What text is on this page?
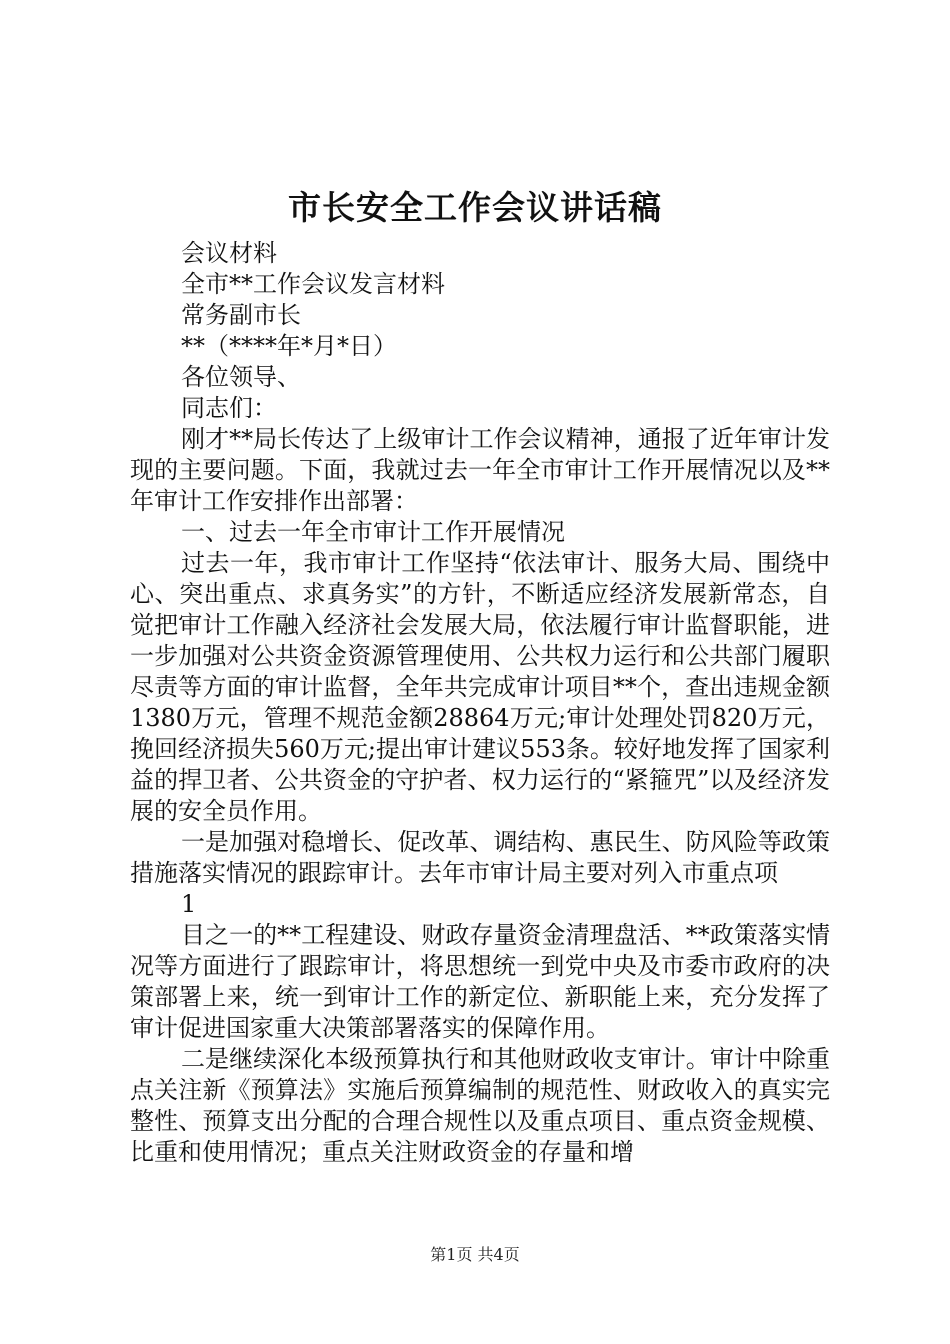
市长安全工作会议讲话稿

会议材料

全市**工作会议发言材料

常务副市长

**（****年*月*日）

各位领导、

同志们：

刚才**局长传达了上级审计工作会议精神，通报了近年审计发现的主要问题。下面，我就过去一年全市审计工作开展情况以及**年审计工作安排作出部署：

一、过去一年全市审计工作开展情况

过去一年，我市审计工作坚持“依法审计、服务大局、围绕中心、突出重点、求真务实”的方针，不断适应经济发展新常态，自觉把审计工作融入经济社会发展大局，依法履行审计监督职能，进一步加强对公共资金资源管理使用、公共权力运行和公共部门履职尽责等方面的审计监督，全年共完成审计项目**个，查出违规金额1380万元，管理不规范金额28864万元;审计处理处罚820万元，挽回经济损失560万元;提出审计建议553条。较好地发挥了国家利益的捍卫者、公共资金的守护者、权力运行的“紧箍咒”以及经济发展的安全员作用。

一是加强对稳增长、促改革、调结构、惠民生、防风险等政策措施落实情况的跟踪审计。去年市审计局主要对列入市重点项

1

目之一的**工程建设、财政存量资金清理盘活、**政策落实情况等方面进行了跟踪审计，将思想统一到党中央及市委市政府的决策部署上来，统一到审计工作的新定位、新职能上来，充分发挥了审计促进国家重大决策部署落实的保障作用。

二是继续深化本级预算执行和其他财政收支审计。审计中除重点关注新《预算法》实施后预算编制的规范性、财政收入的真实完整性、预算支出分配的合理合规性以及重点项目、重点资金规模、比重和使用情况；重点关注财政资金的存量和增

第1页 共4页
